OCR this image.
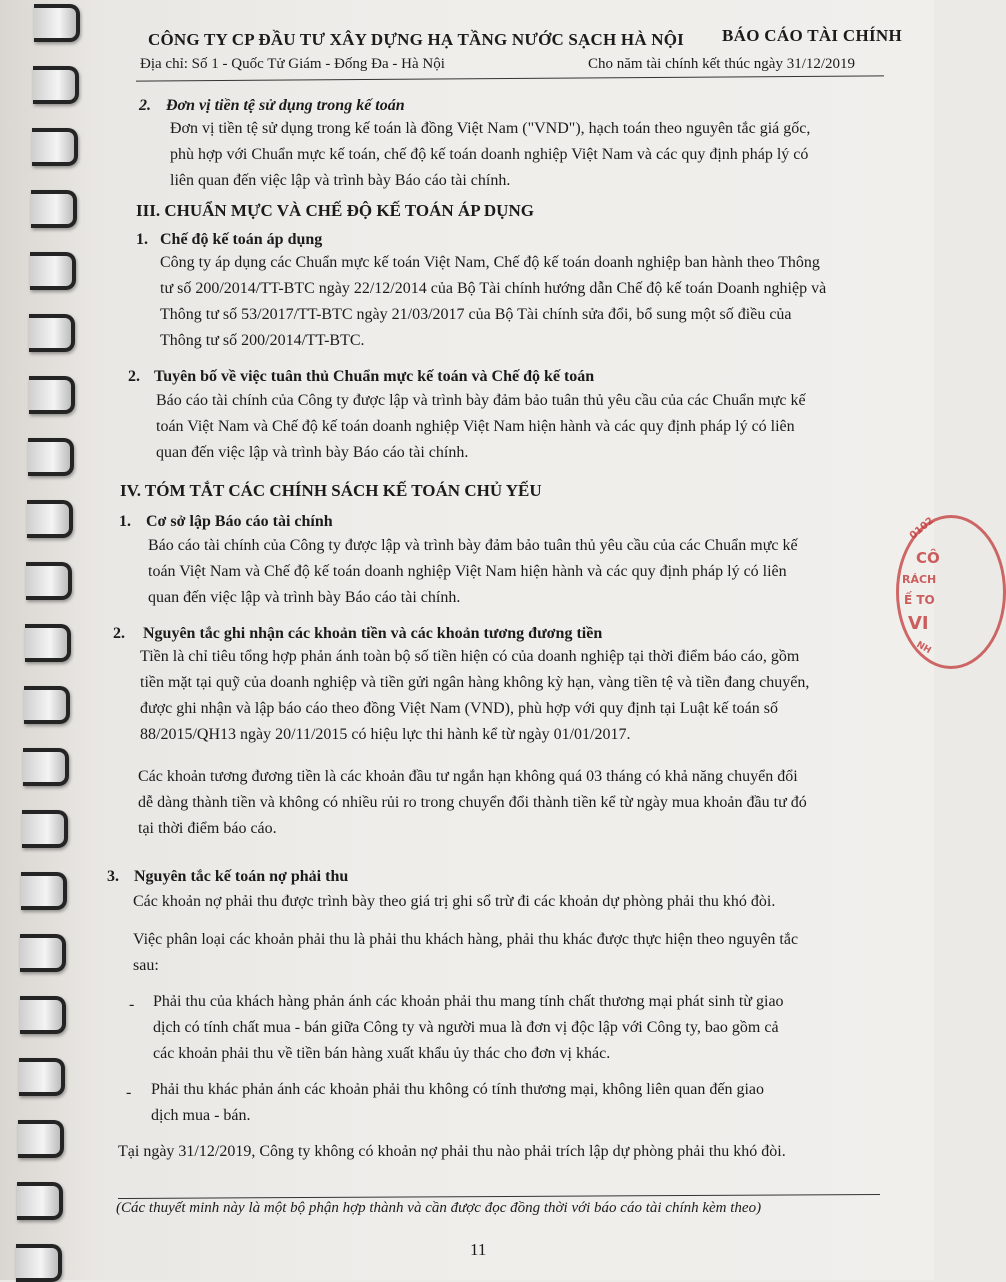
CÔNG TY CP ĐẦU TƯ XÂY DỰNG HẠ TẦNG NƯỚC SẠCH HÀ NỘI BÁO CÁO TÀI CHÍNH
Địa chỉ: Số 1 - Quốc Tử Giám - Đống Đa - Hà Nội	Cho năm tài chính kết thúc ngày 31/12/2019
2. Đơn vị tiền tệ sử dụng trong kế toán
Đơn vị tiền tệ sử dụng trong kế toán là đồng Việt Nam ("VND"), hạch toán theo nguyên tắc giá gốc,
phù hợp với Chuẩn mực kế toán, chế độ kế toán doanh nghiệp Việt Nam và các quy định pháp lý có
liên quan đến việc lập và trình bày Báo cáo tài chính.
III. CHUẨN MỰC VÀ CHẾ ĐỘ KẾ TOÁN ÁP DỤNG
1. Chế độ kế toán áp dụng
Công ty áp dụng các Chuẩn mực kế toán Việt Nam, Chế độ kế toán doanh nghiệp ban hành theo Thông
tư số 200/2014/TT-BTC ngày 22/12/2014 của Bộ Tài chính hướng dẫn Chế độ kế toán Doanh nghiệp và
Thông tư số 53/2017/TT-BTC ngày 21/03/2017 của Bộ Tài chính sửa đổi, bổ sung một số điều của
Thông tư số 200/2014/TT-BTC.
2. Tuyên bố về việc tuân thủ Chuẩn mực kế toán và Chế độ kế toán
Báo cáo tài chính của Công ty được lập và trình bày đảm bảo tuân thủ yêu cầu của các Chuẩn mực kế
toán Việt Nam và Chế độ kế toán doanh nghiệp Việt Nam hiện hành và các quy định pháp lý có liên
quan đến việc lập và trình bày Báo cáo tài chính.
IV. TÓM TẮT CÁC CHÍNH SÁCH KẾ TOÁN CHỦ YẾU
1. Cơ sở lập Báo cáo tài chính
Báo cáo tài chính của Công ty được lập và trình bày đảm bảo tuân thủ yêu cầu của các Chuẩn mực kế
toán Việt Nam và Chế độ kế toán doanh nghiệp Việt Nam hiện hành và các quy định pháp lý có liên
quan đến việc lập và trình bày Báo cáo tài chính.
2. Nguyên tắc ghi nhận các khoản tiền và các khoản tương đương tiền
Tiền là chỉ tiêu tổng hợp phản ánh toàn bộ số tiền hiện có của doanh nghiệp tại thời điểm báo cáo, gồm
tiền mặt tại quỹ của doanh nghiệp và tiền gửi ngân hàng không kỳ hạn, vàng tiền tệ và tiền đang chuyển,
được ghi nhận và lập báo cáo theo đồng Việt Nam (VND), phù hợp với quy định tại Luật kế toán số
88/2015/QH13 ngày 20/11/2015 có hiệu lực thi hành kể từ ngày 01/01/2017.
Các khoản tương đương tiền là các khoản đầu tư ngắn hạn không quá 03 tháng có khả năng chuyển đổi
dễ dàng thành tiền và không có nhiều rủi ro trong chuyển đổi thành tiền kể từ ngày mua khoản đầu tư đó
tại thời điểm báo cáo.
3. Nguyên tắc kế toán nợ phải thu
Các khoản nợ phải thu được trình bày theo giá trị ghi sổ trừ đi các khoản dự phòng phải thu khó đòi.
Việc phân loại các khoản phải thu là phải thu khách hàng, phải thu khác được thực hiện theo nguyên tắc
sau:
- Phải thu của khách hàng phản ánh các khoản phải thu mang tính chất thương mại phát sinh từ giao
dịch có tính chất mua - bán giữa Công ty và người mua là đơn vị độc lập với Công ty, bao gồm cả
các khoản phải thu về tiền bán hàng xuất khẩu ủy thác cho đơn vị khác.
- Phải thu khác phản ánh các khoản phải thu không có tính thương mại, không liên quan đến giao
dịch mua - bán.
Tại ngày 31/12/2019, Công ty không có khoản nợ phải thu nào phải trích lập dự phòng phải thu khó đòi.
(Các thuyết minh này là một bộ phận hợp thành và cần được đọc đồng thời với báo cáo tài chính kèm theo)
11
0102
CÔ
RÁCH
Ế TO
VI
NH
